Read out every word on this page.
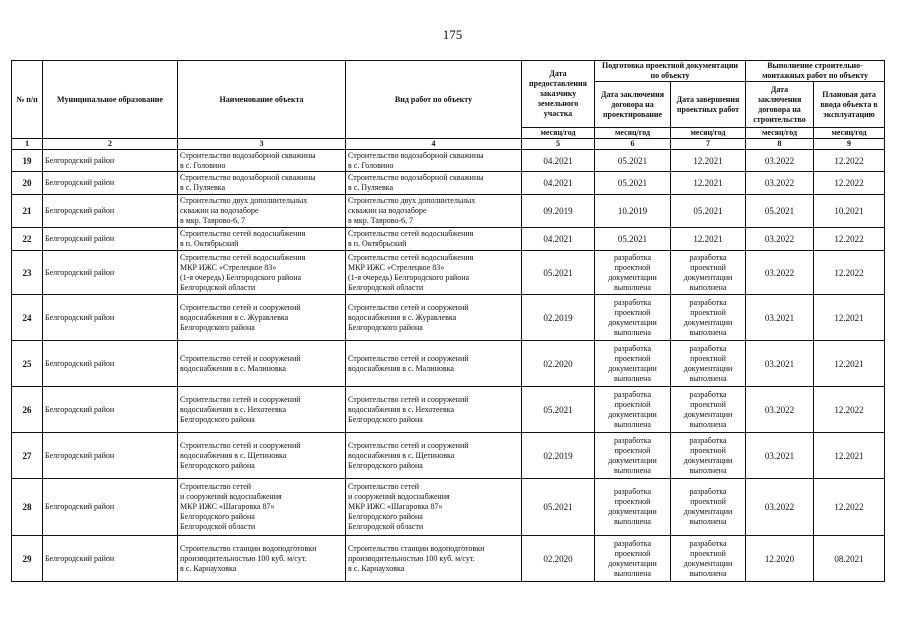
175
№ п/п	Муниципальное образование	Наименование объекта	Вид работ по объекту	Дата предоставления заказчику земельного участка	Подготовка проектной документации по объекту		Выполнение строительно-монтажных работ по объекту	
					Дата заключения договора на проектирование	Дата завершения проектных работ	Дата заключения договора на строительство	Плановая дата ввода объекта в эксплуатацию
				месяц/год	месяц/год	месяц/год	месяц/год	месяц/год
1	2	3	4	5	6	7	8	9
19	Белгородский район	Строительство водозаборной скважины
в с. Головино	Строительство водозаборной скважины
в с. Головино	04.2021	05.2021	12.2021	03.2022	12.2022
20	Белгородский район	Строительство водозаборной скважины
в с. Пуляевка	Строительство водозаборной скважины
в с. Пуляевка	04.2021	05.2021	12.2021	03.2022	12.2022
21	Белгородский район	Строительство двух дополнительных
скважин на водозаборе
в мкр. Таврово-6, 7	Строительство двух дополнительных
скважин на водозаборе
в мкр. Таврово-6, 7	09.2019	10.2019	05.2021	05.2021	10.2021
22	Белгородский район	Строительство сетей водоснабжения
в п. Октябрьский	Строительство сетей водоснабжения
в п. Октябрьский	04.2021	05.2021	12.2021	03.2022	12.2022
23	Белгородский район	Строительство сетей водоснабжения
МКР ИЖС «Стрелецкое 83»
(1-я очередь) Белгородского района
Белгородской области	Строительство сетей водоснабжения
МКР ИЖС «Стрелецкое 83»
(1-я очередь) Белгородского района
Белгородской области	05.2021	разработка
проектной
документации
выполнена	разработка
проектной
документации
выполнена	03.2022	12.2022
24	Белгородский район	Строительство сетей и сооружений
водоснабжения в с. Журавлевка
Белгородского района	Строительство сетей и сооружений
водоснабжения в с. Журавлевка
Белгородского района	02.2019	разработка
проектной
документации
выполнена	разработка
проектной
документации
выполнена	03.2021	12.2021
25	Белгородский район	Строительство сетей и сооружений
водоснабжения в с. Малиновка	Строительство сетей и сооружений
водоснабжения в с. Малиновка	02.2020	разработка
проектной
документации
выполнена	разработка
проектной
документации
выполнена	03.2021	12.2021
26	Белгородский район	Строительство сетей и сооружений
водоснабжения в с. Нехотеевка
Белгородского района	Строительство сетей и сооружений
водоснабжения в с. Нехотеевка
Белгородского района	05.2021	разработка
проектной
документации
выполнена	разработка
проектной
документации
выполнена	03.2022	12.2022
27	Белгородский район	Строительство сетей и сооружений
водоснабжения в с. Щетиновка
Белгородского района	Строительство сетей и сооружений
водоснабжения в с. Щетиновка
Белгородского района	02.2019	разработка
проектной
документации
выполнена	разработка
проектной
документации
выполнена	03.2021	12.2021
28	Белгородский район	Строительство сетей
и сооружений водоснабжения
МКР ИЖС «Шагаровка 87»
Белгородского района
Белгородской области	Строительство сетей
и сооружений водоснабжения
МКР ИЖС «Шагаровка 87»
Белгородского района
Белгородской области	05.2021	разработка
проектной
документации
выполнена	разработка
проектной
документации
выполнена	03.2022	12.2022
29	Белгородский район	Строительство станции водоподготовки
производительностью 100 куб. м/сут.
в с. Карнауховка	Строительство станции водоподготовки
производительностью 100 куб. м/сут.
в с. Карнауховка	02.2020	разработка
проектной
документации
выполнена	разработка
проектной
документации
выполнена	12.2020	08.2021
